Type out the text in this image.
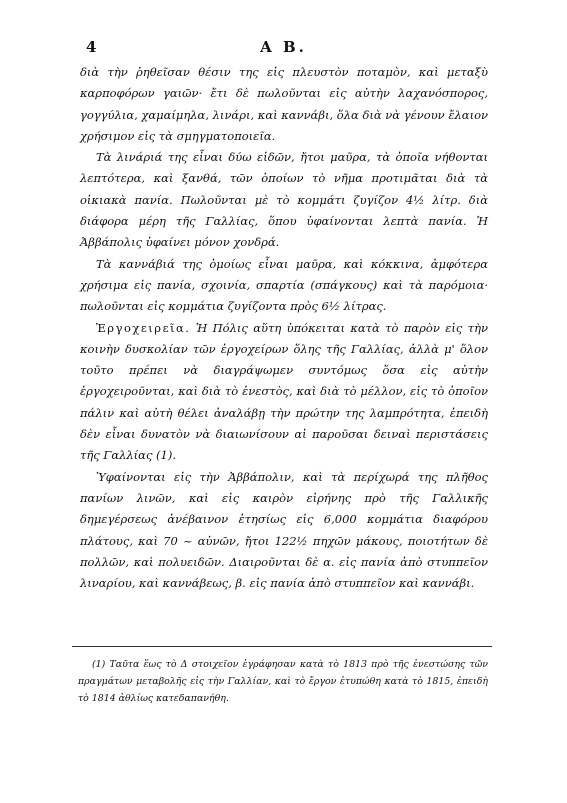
4	Α Β.

διὰ τὴν ῥηθεῖσαν θέσιν της εἰς πλευστὸν ποταμὸν, καὶ μεταξὺ καρποφόρων γαιῶν· ἔτι δὲ πωλοῦνται εἰς αὐτὴν λαχανόσπορος, γογγύλια, χαμαίμηλα, λινάρι, καὶ καννάβι, ὅλα διὰ νὰ γένουν ἔλαιον χρήσιμον εἰς τὰ σμηγματοποιεῖα.

Τὰ λινάριά της εἶναι δύω εἰδῶν, ἤτοι μαῦρα, τὰ ὁποῖα νήθονται λεπτότερα, καὶ ξανθά, τῶν ὁποίων τὸ νῆμα προτιμᾶται διὰ τὰ οἰκιακὰ πανία. Πωλοῦνται μὲ τὸ κομμάτι ζυγίζον 4½ λίτρ. διὰ διάφορα μέρη τῆς Γαλλίας, ὅπου ὑφαίνονται λεπτὰ πανία. Ἡ Ἀββάπολις ὑφαίνει μόνον χονδρά.

Τὰ καννάβιά της ὁμοίως εἶναι μαῦρα, καὶ κόκκινα, ἀμφότερα χρήσιμα εἰς πανία, σχοινία, σπαρτία (σπάγκους) καὶ τὰ παρόμοια· πωλοῦνται εἰς κομμάτια ζυγίζοντα πρὸς 6½ λίτρας.

Ἐργοχειρεῖα. Ἡ Πόλις αὕτη ὑπόκειται κατὰ τὸ παρὸν εἰς τὴν κοινὴν δυσκολίαν τῶν ἐργοχείρων ὅλης τῆς Γαλλίας, ἀλλὰ μ' ὅλον τοῦτο πρέπει νὰ διαγράψωμεν συντόμως ὅσα εἰς αὐτὴν ἐργοχειροῦνται, καὶ διὰ τὸ ἐνεστὸς, καὶ διὰ τὸ μέλλον, εἰς τὸ ὁποῖον πάλιν καὶ αὐτὴ θέλει ἀναλάβῃ τὴν πρώτην της λαμπρότητα, ἐπειδὴ δὲν εἶναι δυνατὸν νὰ διαιωνίσουν αἱ παροῦσαι δειναὶ περιστάσεις τῆς Γαλλίας (1).

Ὑφαίνονται εἰς τὴν Ἀββάπολιν, καὶ τὰ περίχωρά της πλῆθος πανίων λινῶν, καὶ εἰς καιρὸν εἰρήνης πρὸ τῆς Γαλλικῆς δημεγέρσεως ἀνέβαινον ἐτησίως εἰς 6,000 κομμάτια διαφόρου πλάτους, καὶ 70 ~ αὐνῶν, ἤτοι 122½ πηχῶν μάκους, ποιοτήτων δὲ πολλῶν, καὶ πολυειδῶν. Διαιροῦνται δὲ α. εἰς πανία ἀπὸ στυππεῖον λιναρίου, καὶ καννάβεως, β. εἰς πανία ἀπὸ στυππεῖον καὶ καννάβι.

(1) Ταῦτα ἕως τὸ Δ στοιχεῖον ἐγράφησαν κατὰ τὸ 1813 πρὸ τῆς ἐνεστώσης τῶν πραγμάτων μεταβολῆς εἰς τὴν Γαλλίαν, καὶ τὸ ἔργον ἐτυπώθη κατὰ τὸ 1815, ἐπειδὴ τὸ 1814 ἀθλίως κατεδαπανήθη.
